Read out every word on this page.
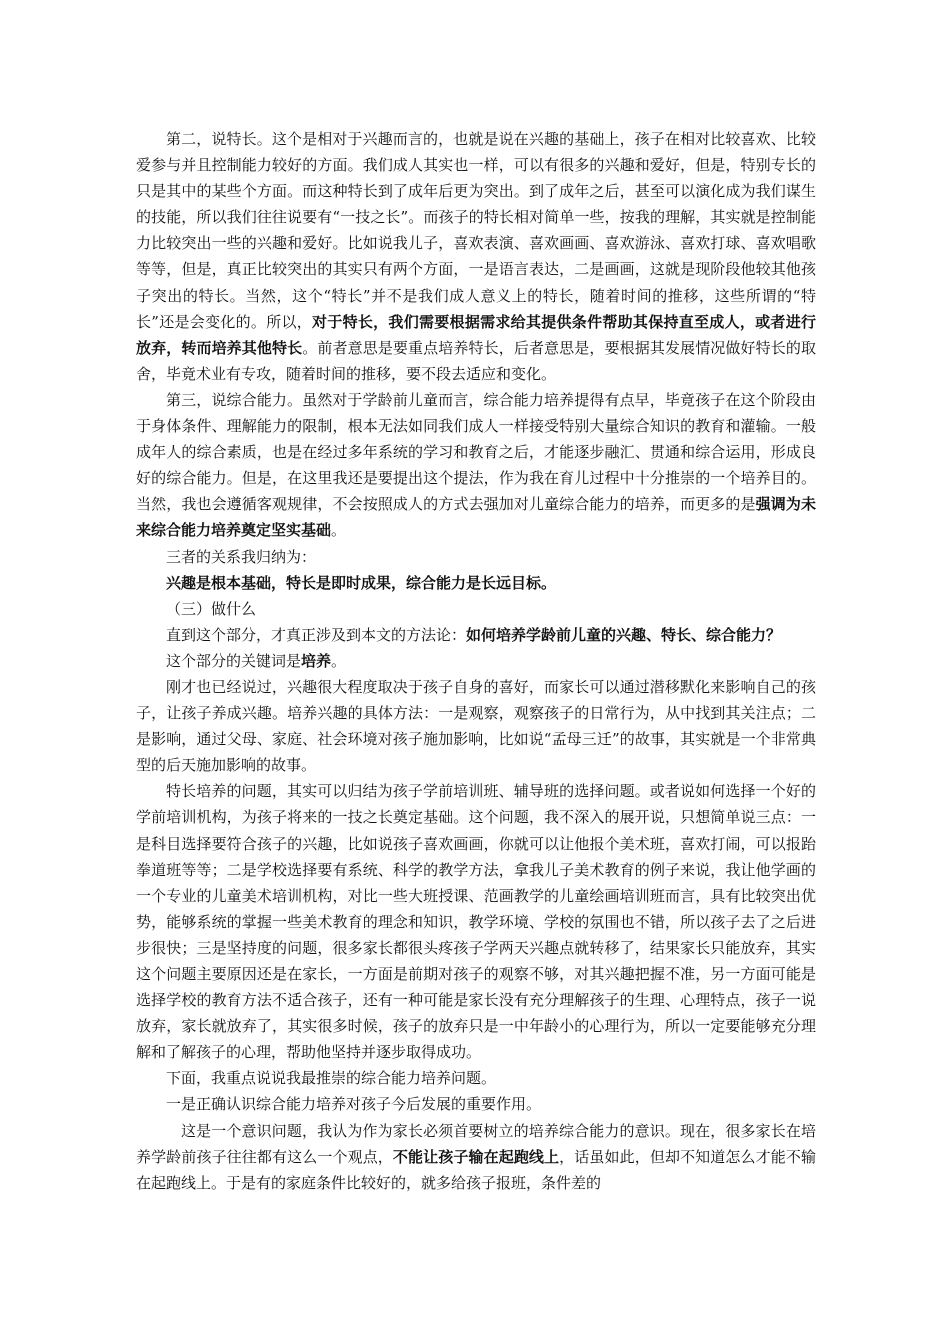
第二，说特长。这个是相对于兴趣而言的，也就是说在兴趣的基础上，孩子在相对比较喜欢、比较爱参与并且控制能力较好的方面。我们成人其实也一样，可以有很多的兴趣和爱好，但是，特别专长的只是其中的某些个方面。而这种特长到了成年后更为突出。到了成年之后，甚至可以演化成为我们谋生的技能，所以我们往往说要有“一技之长”。而孩子的特长相对简单一些，按我的理解，其实就是控制能力比较突出一些的兴趣和爱好。比如说我儿子，喜欢表演、喜欢画画、喜欢游泳、喜欢打球、喜欢唱歌等等，但是，真正比较突出的其实只有两个方面，一是语言表达，二是画画，这就是现阶段他较其他孩子突出的特长。当然，这个“特长”并不是我们成人意义上的特长，随着时间的推移，这些所谓的“特长”还是会变化的。所以，对于特长，我们需要根据需求给其提供条件帮助其保持直至成人，或者进行放弃，转而培养其他特长。前者意思是要重点培养特长，后者意思是，要根据其发展情况做好特长的取舍，毕竟术业有专攻，随着时间的推移，要不段去适应和变化。

第三，说综合能力。虽然对于学龄前儿童而言，综合能力培养提得有点早，毕竟孩子在这个阶段由于身体条件、理解能力的限制，根本无法如同我们成人一样接受特别大量综合知识的教育和灌输。一般成年人的综合素质，也是在经过多年系统的学习和教育之后，才能逐步融汇、贯通和综合运用，形成良好的综合能力。但是，在这里我还是要提出这个提法，作为我在育儿过程中十分推崇的一个培养目的。当然，我也会遵循客观规律，不会按照成人的方式去强加对儿童综合能力的培养，而更多的是强调为未来综合能力培养奠定坚实基础。

三者的关系我归纳为：

兴趣是根本基础，特长是即时成果，综合能力是长远目标。

（三）做什么

直到这个部分，才真正涉及到本文的方法论：如何培养学龄前儿童的兴趣、特长、综合能力？

这个部分的关键词是培养。

刚才也已经说过，兴趣很大程度取决于孩子自身的喜好，而家长可以通过潜移默化来影响自己的孩子，让孩子养成兴趣。培养兴趣的具体方法：一是观察，观察孩子的日常行为，从中找到其关注点；二是影响，通过父母、家庭、社会环境对孩子施加影响，比如说“孟母三迁”的故事，其实就是一个非常典型的后天施加影响的故事。

特长培养的问题，其实可以归结为孩子学前培训班、辅导班的选择问题。或者说如何选择一个好的学前培训机构，为孩子将来的一技之长奠定基础。这个问题，我不深入的展开说，只想简单说三点：一是科目选择要符合孩子的兴趣，比如说孩子喜欢画画，你就可以让他报个美术班，喜欢打闹，可以报跆拳道班等等；二是学校选择要有系统、科学的教学方法，拿我儿子美术教育的例子来说，我让他学画的一个专业的儿童美术培训机构，对比一些大班授课、范画教学的儿童绘画培训班而言，具有比较突出优势，能够系统的掌握一些美术教育的理念和知识，教学环境、学校的氛围也不错，所以孩子去了之后进步很快；三是坚持度的问题，很多家长都很头疼孩子学两天兴趣点就转移了，结果家长只能放弃，其实这个问题主要原因还是在家长，一方面是前期对孩子的观察不够，对其兴趣把握不准，另一方面可能是选择学校的教育方法不适合孩子，还有一种可能是家长没有充分理解孩子的生理、心理特点，孩子一说放弃，家长就放弃了，其实很多时候，孩子的放弃只是一中年龄小的心理行为，所以一定要能够充分理解和了解孩子的心理，帮助他坚持并逐步取得成功。

下面，我重点说说我最推崇的综合能力培养问题。

一是正确认识综合能力培养对孩子今后发展的重要作用。

这是一个意识问题，我认为作为家长必须首要树立的培养综合能力的意识。现在，很多家长在培养学龄前孩子往往都有这么一个观点，不能让孩子输在起跑线上，话虽如此，但却不知道怎么才能不输在起跑线上。于是有的家庭条件比较好的，就多给孩子报班，条件差的
